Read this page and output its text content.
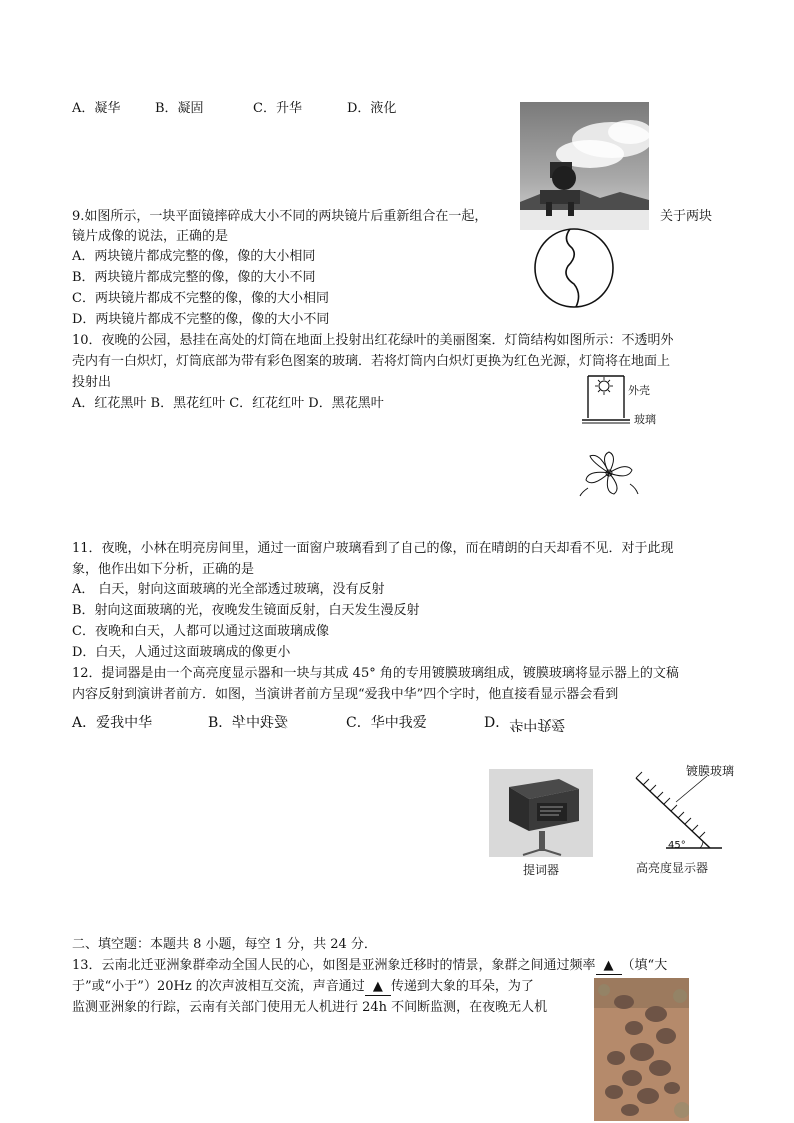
A．凝华	B．凝固	C．升华	D．液化
9.如图所示，一块平面镜摔碎成大小不同的两块镜片后重新组合在一起，	关于两块
镜片成像的说法，正确的是
A．两块镜片都成完整的像，像的大小相同
B．两块镜片都成完整的像，像的大小不同
C．两块镜片都成不完整的像，像的大小相同
D．两块镜片都成不完整的像，像的大小不同
10．夜晚的公园，悬挂在高处的灯筒在地面上投射出红花绿叶的美丽图案．灯筒结构如图所示：不透明外
壳内有一白炽灯，灯筒底部为带有彩色图案的玻璃．若将灯筒内白炽灯更换为红色光源，灯筒将在地面上
投射出
A．红花黑叶 B．黑花红叶 C．红花红叶 D．黑花黑叶
外壳
玻璃
11．夜晚，小林在明亮房间里，通过一面窗户玻璃看到了自己的像，而在晴朗的白天却看不见．对于此现
象，他作出如下分析，正确的是
A． 白天，射向这面玻璃的光全部透过玻璃，没有反射
B．射向这面玻璃的光，夜晚发生镜面反射，白天发生漫反射
C．夜晚和白天，人都可以通过这面玻璃成像
D．白天，人通过这面玻璃成的像更小
12．提词器是由一个高亮度显示器和一块与其成 45° 角的专用镀膜玻璃组成，镀膜玻璃将显示器上的文稿
内容反射到演讲者前方．如图，当演讲者前方呈现“爱我中华”四个字时，他直接看显示器会看到
A．爱我中华	B．爱我中华	C．华中我爱	D．华中我爱
提词器
镀膜玻璃
45°
高亮度显示器
二、填空题：本题共 8 小题，每空 1 分，共 24 分．
13．云南北迁亚洲象群牵动全国人民的心，如图是亚洲象迁移时的情景，象群之间通过频率 ▲ （填“大
于”或“小于”）20Hz 的次声波相互交流，声音通过 ▲ 传递到大象的耳朵，为了
监测亚洲象的行踪，云南有关部门使用无人机进行 24h 不间断监测，在夜晚无人机
